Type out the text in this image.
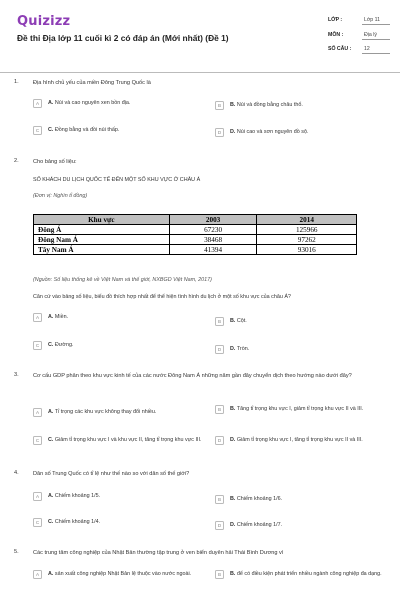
Quizizz
Đề thi Địa lớp 11 cuối kì 2 có đáp án (Mới nhất) (Đề 1)
LỚP :	Lớp 11
MÔN :	Địa lý
SỐ CÂU : 12
1.	Địa hình chủ yếu của miền Đông Trung Quốc là
A	A. Núi và cao nguyên xen bồn địa.	B	B. Núi và đồng bằng châu thổ.
C	C. Đồng bằng và đồi núi thấp.	D	D. Núi cao và sơn nguyên đồ sộ.
2.	Cho bảng số liệu:
SỐ KHÁCH DU LỊCH QUỐC TẾ ĐẾN MỘT SỐ KHU VỰC Ở CHÂU Á
(Đơn vị: Nghìn tỉ đồng)
Khu vực	2003	2014
Đông Á	67230	125966
Đông Nam Á	38468	97262
Tây Nam Á	41394	93016
(Nguồn: Số liệu thống kê về Việt Nam và thế giới, NXBGD Việt Nam, 2017)
Căn cứ vào bảng số liệu, biểu đồ thích hợp nhất để thể hiện tình hình du lịch ở một số khu vực của châu Á?
A	A. Miền.
B	B. Cột.
C	C. Đường.
D	D. Tròn.
3.	Cơ cấu GDP phân theo khu vực kinh tế của các nước Đông Nam Á những năm gần đây chuyển dịch theo hướng nào dưới đây?
A	A. Tỉ trọng các khu vực không thay đổi nhiều.	B	B. Tăng tỉ trọng khu vực I, giảm tỉ trọng khu vực II và III.
C	C. Giảm tỉ trọng khu vực I và khu vực II, tăng tỉ trọng khu vực III.	D	D. Giảm tỉ trọng khu vực I, tăng tỉ trọng khu vực II và III.
4.	Dân số Trung Quốc có tỉ lệ như thế nào so với dân số thế giới?
A	A. Chiếm khoảng 1/5.
B	B. Chiếm khoảng 1/6.
C	C. Chiếm khoảng 1/4.
D	D. Chiếm khoảng 1/7.
5.	Các trung tâm công nghiệp của Nhật Bản thường tập trung ở ven biển duyên hải Thái Bình Dương vì
A	A. sản xuất công nghiệp Nhật Bản lệ thuộc vào nước ngoài.	B	B. để có điều kiện phát triển nhiều ngành công nghiệp đa dạng.
